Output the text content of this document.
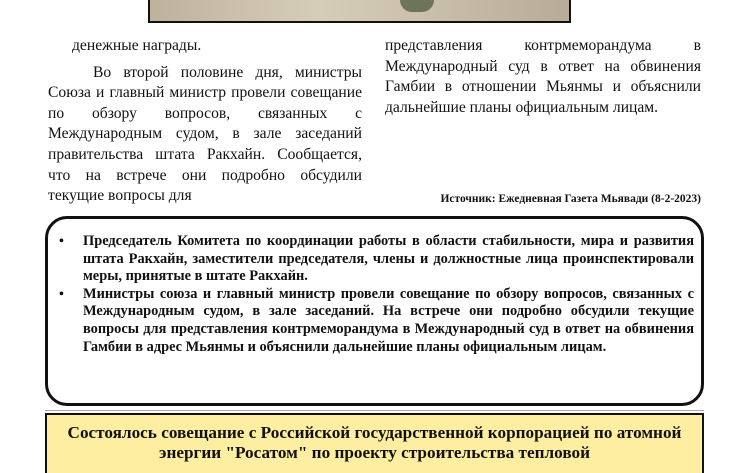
денежные награды.

Во второй половине дня, министры Союза и главный министр провели совещание по обзору вопросов, связанных с Международным судом, в зале заседаний правительства штата Ракхайн. Сообщается, что на встрече они подробно обсудили текущие вопросы для

представления контрмеморандума в Международный суд в ответ на обвинения Гамбии в отношении Мьянмы и объяснили дальнейшие планы официальным лицам.

Источник: Ежедневная Газета Мьявади (8-2-2023)
• Председатель Комитета по координации работы в области стабильности, мира и развития штата Ракхайн, заместители председателя, члены и должностные лица проинспектировали меры, принятые в штате Ракхайн.
• Министры союза и главный министр провели совещание по обзору вопросов, связанных с Международным судом, в зале заседаний. На встрече они подробно обсудили текущие вопросы для представления контрмеморандума в Международный суд в ответ на обвинения Гамбии в адрес Мьянмы и объяснили дальнейшие планы официальным лицам.
Состоялось совещание с Российской государственной корпорацией по атомной энергии "Росатом" по проекту строительства тепловой
